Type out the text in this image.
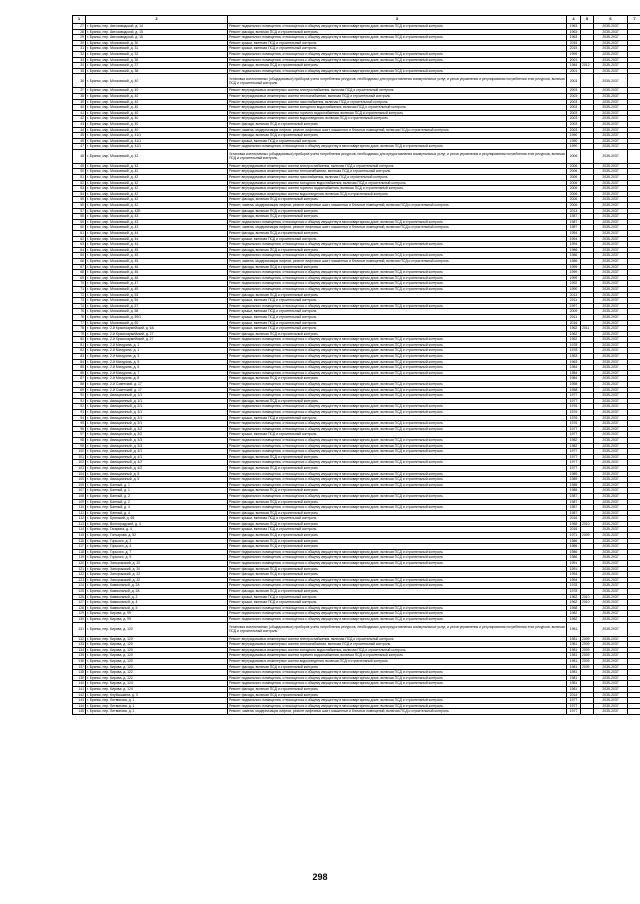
1	2	3	4	5	6	7
27	г. Брянск, пер. Автозаводской, д. 14	Ремонт подвального помещения, относящегося к общему имуществу в многоквартирном доме, включая ПСД и строительный контроль	1963		2035-2037	
28	г. Брянск, пер. Автозаводской, д. 15	Ремонт фасада, включая ПСД и строительный контроль	1963		2035-2037	
29	г. Брянск, пер. Автозаводской, д. 15	Ремонт подвального помещения, относящегося к общему имуществу в многоквартирном доме, включая ПСД и строительный контроль	1963		2035-2037	
30	г. Брянск, мкр. Московский, д. 30	Ремонт крыши, включая ПСД и строительный контроль	2015		2035-2037	
31	г. Брянск, мкр. Московский, д. 31	Ремонт крыши, включая ПСД и строительный контроль	2015		2035-2037	
32	г. Брянск, мкр. Московский, д. 32	Ремонт подвального помещения, относящегося к общему имуществу в многоквартирном доме, включая ПСД и строительный контроль	1999		2035-2037	
33	г. Брянск, мкр. Московский, д. 36	Ремонт подвального помещения, относящегося к общему имуществу в многоквартирном доме, включая ПСД и строительный контроль	2001		2035-2037	
34	г. Брянск, мкр. Московский, д. 37	Ремонт фасада, включая ПСД и строительный контроль	1984	2012	2035-2037	
35	г. Брянск, мкр. Московский, д. 38	Ремонт подвального помещения, относящегося к общему имуществу в многоквартирном доме, включая ПСД и строительный контроль	2001		2035-2037	
36	г. Брянск, мкр. Московский, д. 40	Установка коллективных (общедомовых) приборов учета потребления ресурсов, необходимых для предоставления коммунальных услуг, и узлов управления и регулирования потребления этих ресурсов, включая ПСД и строительный контроль	2003		2035-2037	
37	г. Брянск, мкр. Московский, д. 40	Ремонт внутридомовых инженерных систем электроснабжения, включая ПСД и строительный контроль	2003		2035-2037	
38	г. Брянск, мкр. Московский, д. 40	Ремонт внутридомовых инженерных систем теплоснабжения, включая ПСД и строительный контроль	2003		2035-2037	
39	г. Брянск, мкр. Московский, д. 40	Ремонт внутридомовых инженерных систем газоснабжения, включая ПСД и строительный контроль	2003		2035-2037	
40	г. Брянск, мкр. Московский, д. 40	Ремонт внутридомовых инженерных систем холодного водоснабжения, включая ПСД и строительный контроль	2003		2035-2037	
41	г. Брянск, мкр. Московский, д. 40	Ремонт внутридомовых инженерных систем горячего водоснабжения, включая ПСД и строительный контроль	2003		2035-2037	
42	г. Брянск, мкр. Московский, д. 40	Ремонт внутридомовых инженерных систем водоотведения, включая ПСД и строительный контроль	2003		2035-2037	
43	г. Брянск, мкр. Московский, д. 40	Ремонт фасада, включая ПСД и строительный контроль	2003		2035-2037	
44	г. Брянск, мкр. Московский, д. 40	Ремонт, замена, модернизация лифтов, ремонт лифтовых шахт, машинных и блочных помещений, включая ПСД и строительный контроль	2003		2035-2037	
45	г. Брянск, мкр. Московский, д. 41/1	Ремонт фасада, включая ПСД и строительный контроль	1990		2035-2037	
46	г. Брянск, мкр. Московский, д. 41/1	Ремонт крыши, включая ПСД и строительный контроль	1990		2035-2037	
47	г. Брянск, мкр. Московский, д. 41/1	Ремонт подвального помещения, относящегося к общему имуществу в многоквартирном доме, включая ПСД и строительный контроль	1990		2035-2037	
48	г. Брянск, мкр. Московский, д. 42	Установка коллективных (общедомовых) приборов учета потребления ресурсов, необходимых для предоставления коммунальных услуг, и узлов управления и регулирования потребления этих ресурсов, включая ПСД и строительный контроль	2006		2035-2037	
49	г. Брянск, мкр. Московский, д. 42	Ремонт внутридомовых инженерных систем электроснабжения, включая ПСД и строительный контроль	2006		2035-2037	
50	г. Брянск, мкр. Московский, д. 42	Ремонт внутридомовых инженерных систем теплоснабжения, включая ПСД и строительный контроль	2006		2035-2037	
51	г. Брянск, мкр. Московский, д. 42	Ремонт внутридомовых инженерных систем газоснабжения, включая ПСД и строительный контроль	2006		2035-2037	
52	г. Брянск, мкр. Московский, д. 42	Ремонт внутридомовых инженерных систем холодного водоснабжения, включая ПСД и строительный контроль	2006		2035-2037	
53	г. Брянск, мкр. Московский, д. 42	Ремонт внутридомовых инженерных систем горячего водоснабжения, включая ПСД и строительный контроль	2006		2035-2037	
54	г. Брянск, мкр. Московский, д. 42	Ремонт внутридомовых инженерных систем водоотведения, включая ПСД и строительный контроль	2006		2035-2037	
55	г. Брянск, мкр. Московский, д. 42	Ремонт фасада, включая ПСД и строительный контроль	2006		2035-2037	
56	г. Брянск, мкр. Московский, д. 42	Ремонт, замена, модернизация лифтов, ремонт лифтовых шахт, машинных и блочных помещений, включая ПСД и строительный контроль	2006		2035-2037	
57	г. Брянск, мкр. Московский, д. 42Б	Ремонт фасада, включая ПСД и строительный контроль	2013		2035-2037	
58	г. Брянск, мкр. Московский, д. 43	Ремонт фасада, включая ПСД и строительный контроль	1987		2035-2037	
59	г. Брянск, мкр. Московский, д. 43	Ремонт подвального помещения, относящегося к общему имуществу в многоквартирном доме, включая ПСД и строительный контроль	1987		2035-2037	
60	г. Брянск, мкр. Московский, д. 43	Ремонт, замена, модернизация лифтов, ремонт лифтовых шахт, машинных и блочных помещений, включая ПСД и строительный контроль	1987		2035-2037	
61	г. Брянск, мкр. Московский, д. 44	Ремонт фасада, включая ПСД и строительный контроль	1994		2035-2037	
62	г. Брянск, мкр. Московский, д. 44	Ремонт крыши, включая ПСД и строительный контроль	1994		2035-2037	
63	г. Брянск, мкр. Московский, д. 44	Ремонт подвального помещения, относящегося к общему имуществу в многоквартирном доме, включая ПСД и строительный контроль	1994		2035-2037	
64	г. Брянск, мкр. Московский, д. 45	Ремонт фасада, включая ПСД и строительный контроль	1986		2035-2037	
65	г. Брянск, мкр. Московский, д. 45	Ремонт подвального помещения, относящегося к общему имуществу в многоквартирном доме, включая ПСД и строительный контроль	1986		2035-2037	
66	г. Брянск, мкр. Московский, д. 45	Ремонт, замена, модернизация лифтов, ремонт лифтовых шахт, машинных и блочных помещений, включая ПСД и строительный контроль	1986		2035-2037	
67	г. Брянск, мкр. Московский, д. 46	Ремонт фасада, включая ПСД и строительный контроль	1999		2035-2037	
68	г. Брянск, мкр. Московский, д. 46	Ремонт подвального помещения, относящегося к общему имуществу в многоквартирном доме, включая ПСД и строительный контроль	1999		2035-2037	
69	г. Брянск, мкр. Московский, д. 46	Ремонт подвального помещения, относящегося к общему имуществу в многоквартирном доме, включая ПСД и строительный контроль	1999		2035-2037	
70	г. Брянск, мкр. Московский, д. 47	Ремонт подвального помещения, относящегося к общему имуществу в многоквартирном доме, включая ПСД и строительный контроль	1992		2035-2037	
71	г. Брянск, мкр. Московский, д. 49	Ремонт подвального помещения, относящегося к общему имуществу в многоквартирном доме, включая ПСД и строительный контроль	1990		2035-2037	
72	г. Брянск, мкр. Московский, д. 53	Ремонт фасада, включая ПСД и строительный контроль	2013		2035-2037	
73	г. Брянск, мкр. Московский, д. 54	Ремонт крыши, включая ПСД и строительный контроль	2011		2035-2037	
74	г. Брянск, мкр. Московский, д. 57	Ремонт подвального помещения, относящегося к общему имуществу в многоквартирном доме, включая ПСД и строительный контроль	1997		2035-2037	
75	г. Брянск, мкр. Московский, д. 58	Ремонт крыши, включая ПСД и строительный контроль	2009		2035-2037	
76	г. Брянск, мкр. Московский, д. 59/1	Ремонт крыши, включая ПСД и строительный контроль	2011		2035-2037	
77	г. Брянск, мкр. Московский, д. 60	Ремонт крыши, включая ПСД и строительный контроль	2016		2035-2037	
78	г. Брянск, пер. 2-й Красноармейский, д. 6А	Ремонт крыши, включая ПСД и строительный контроль	1962	2011	2035-2037	
79	г. Брянск, пер. 2-й Красноармейский, д. 27	Ремонт фасада, включая ПСД и строительный контроль	1962		2035-2037	
80	г. Брянск, пер. 2-й Красноармейский, д. 27	Ремонт подвального помещения, относящегося к общему имуществу в многоквартирном доме, включая ПСД и строительный контроль	1962		2035-2037	
81	г. Брянск, пер. 2-й Мичурина, д. 1	Ремонт подвального помещения, относящегося к общему имуществу в многоквартирном доме, включая ПСД и строительный контроль	1978		2035-2037	
82	г. Брянск, пер. 2-й Мичурина, д. 1	Ремонт подвального помещения, относящегося к общему имуществу в многоквартирном доме, включая ПСД и строительный контроль	1978		2035-2037	
83	г. Брянск, пер. 2-й Мичурина, д. 3	Ремонт подвального помещения, относящегося к общему имуществу в многоквартирном доме, включая ПСД и строительный контроль	1963		2035-2037	
84	г. Брянск, пер. 2-й Мичурина, д. 5	Ремонт подвального помещения, относящегося к общему имуществу в многоквартирном доме, включая ПСД и строительный контроль	1963		2035-2037	
85	г. Брянск, пер. 2-й Мичурина, д. 6	Ремонт подвального помещения, относящегося к общему имуществу в многоквартирном доме, включая ПСД и строительный контроль	1984		2035-2037	
86	г. Брянск, пер. 2-й Мичурина, д. 7	Ремонт подвального помещения, относящегося к общему имуществу в многоквартирном доме, включая ПСД и строительный контроль	1984		2035-2037	
87	г. Брянск, пер. 2-й Мичурина, д. 8	Ремонт фасада, включая ПСД и строительный контроль	1984		2035-2037	
88	г. Брянск, пер. 2-й Советский, д. 17	Ремонт подвального помещения, относящегося к общему имуществу в многоквартирном доме, включая ПСД и строительный контроль	1958		2035-2037	
89	г. Брянск, пер. 2-й Советский, д. 17	Ремонт подвального помещения, относящегося к общему имуществу в многоквартирном доме, включая ПСД и строительный контроль	1958		2035-2037	
90	г. Брянск, пер. Авиационный, д. 1/1	Ремонт подвального помещения, относящегося к общему имуществу в многоквартирном доме, включая ПСД и строительный контроль	1977		2035-2037	
91	г. Брянск, пер. Авиационный, д. 1/1	Ремонт фасада, включая ПСД и строительный контроль	1977		2035-2037	
92	г. Брянск, пер. Авиационный, д. 2/1	Ремонт подвального помещения, относящегося к общему имуществу в многоквартирном доме, включая ПСД и строительный контроль	1976		2035-2037	
93	г. Брянск, пер. Авиационный, д. 3/1	Ремонт подвального помещения, относящегося к общему имуществу в многоквартирном доме, включая ПСД и строительный контроль	1976		2035-2037	
94	г. Брянск, пер. Авиационный, д. 3/1	Ремонт крыши, включая ПСД и строительный контроль	1976		2035-2037	
95	г. Брянск, пер. Авиационный, д. 3/1	Ремонт подвального помещения, относящегося к общему имуществу в многоквартирном доме, включая ПСД и строительный контроль	1976		2035-2037	
96	г. Брянск, пер. Авиационный, д. 3/2	Ремонт подвального помещения, относящегося к общему имуществу в многоквартирном доме, включая ПСД и строительный контроль	1977		2035-2037	
97	г. Брянск, пер. Авиационный, д. 3/2	Ремонт крыши, включая ПСД и строительный контроль	1977		2035-2037	
98	г. Брянск, пер. Авиационный, д. 3/3	Ремонт подвального помещения, относящегося к общему имуществу в многоквартирном доме, включая ПСД и строительный контроль	1982		2035-2037	
99	г. Брянск, пер. Авиационный, д. 3/3	Ремонт подвального помещения, относящегося к общему имуществу в многоквартирном доме, включая ПСД и строительный контроль	1982		2035-2037	
100	г. Брянск, пер. Авиационный, д. 4/1	Ремонт подвального помещения, относящегося к общему имуществу в многоквартирном доме, включая ПСД и строительный контроль	1977		2035-2037	
101	г. Брянск, пер. Авиационный, д. 4/1	Ремонт фасада, включая ПСД и строительный контроль	1977		2035-2037	
102	г. Брянск, пер. Авиационный, д. 4/2	Ремонт подвального помещения, относящегося к общему имуществу в многоквартирном доме, включая ПСД и строительный контроль	1977		2035-2037	
103	г. Брянск, пер. Авиационный, д. 4/2	Ремонт фасада, включая ПСД и строительный контроль	1977		2035-2037	
104	г. Брянск, пер. Авиационный, д. 5	Ремонт подвального помещения, относящегося к общему имуществу в многоквартирном доме, включая ПСД и строительный контроль	1989		2035-2037	
105	г. Брянск, пер. Авиационный, д. 5	Ремонт подвального помещения, относящегося к общему имуществу в многоквартирном доме, включая ПСД и строительный контроль	1989		2035-2037	
106	г. Брянск, пер. Банный, д. 1	Ремонт подвального помещения, относящегося к общему имуществу в многоквартирном доме, включая ПСД и строительный контроль	1985		2035-2037	
107	г. Брянск, пер. Банный, д. 1	Ремонт фасада, включая ПСД и строительный контроль	1985		2035-2037	
108	г. Брянск, пер. Банный, д. 2	Ремонт подвального помещения, относящегося к общему имуществу в многоквартирном доме, включая ПСД и строительный контроль	1987		2035-2037	
109	г. Брянск, пер. Банный, д. 2	Ремонт фасада, включая ПСД и строительный контроль	1987		2035-2037	
110	г. Брянск, пер. Банный, д. 4	Ремонт подвального помещения, относящегося к общему имуществу в многоквартирном доме, включая ПСД и строительный контроль	1987		2035-2037	
111	г. Брянск, пер. Банный, д. 4	Ремонт фасада, включая ПСД и строительный контроль	1987		2035-2037	
112	г. Брянск, пер. Брянский, д. 65	Ремонт крыши, включая ПСД и строительный контроль	2016		2035-2037	
113	г. Брянск, пер. Волгоградский, д. 4	Ремонт фасада, включая ПСД и строительный контроль	1958	2010	2035-2037	
114	г. Брянск, пер. Гагарина, д. 4	Ремонт крыши, включая ПСД и строительный контроль	2016		2035-2037	
115	г. Брянск, пер. Гончарова, д. 52	Ремонт фасада, включая ПСД и строительный контроль	1971	2009	2035-2037	
116	г. Брянск, пер. Горького, д. 3	Ремонт фасада, включая ПСД и строительный контроль	1986		2035-2037	
117	г. Брянск, пер. Горького, д. 4	Ремонт фасада, включая ПСД и строительный контроль	1986		2035-2037	
118	г. Брянск, пер. Горького, д. 7	Ремонт подвального помещения, относящегося к общему имуществу в многоквартирном доме, включая ПСД и строительный контроль	1986		2035-2037	
119	г. Брянск, пер. Горького, д. 9	Ремонт подвального помещения, относящегося к общему имуществу в многоквартирном доме, включая ПСД и строительный контроль	1986		2035-2037	
120	г. Брянск, пер. Запорожский, д. 20	Ремонт подвального помещения, относящегося к общему имуществу в многоквартирном доме, включая ПСД и строительный контроль	1991		2035-2037	
121	г. Брянск, пер. Запорожский, д. 20	Ремонт фасада, включая ПСД и строительный контроль	1991		2035-2037	
122	г. Брянск, пер. Запорожский, д. 22	Ремонт фасада, включая ПСД и строительный контроль	1994		2035-2037	
123	г. Брянск, пер. Запорожский, д. 22	Ремонт подвального помещения, относящегося к общему имуществу в многоквартирном доме, включая ПСД и строительный контроль	1994		2035-2037	
124	г. Брянск, пер. Камвольный, д. 2А	Ремонт подвального помещения, относящегося к общему имуществу в многоквартирном доме, включая ПСД и строительный контроль	1978		2035-2037	
125	г. Брянск, пер. Камвольный, д. 2А	Ремонт фасада, включая ПСД и строительный контроль	1978		2035-2037	
126	г. Брянск, пер. Камвольный, д. 3	Ремонт крыши, включая ПСД и строительный контроль	1962	2010	2035-2037	
127	г. Брянск, пер. Камвольный, д. 4	Ремонт крыши, включая ПСД и строительный контроль	1962	2010	2035-2037	
128	г. Брянск, пер. Камвольный, д. 5	Ремонт подвального помещения, относящегося к общему имуществу в многоквартирном доме, включая ПСД и строительный контроль	1958		2035-2037	
129	г. Брянск, пер. Кирова, д. 99	Ремонт подвального помещения, относящегося к общему имуществу в многоквартирном доме, включая ПСД и строительный контроль	1982		2035-2037	
130	г. Брянск, пер. Кирова, д. 99	Ремонт подвального помещения, относящегося к общему имуществу в многоквартирном доме, включая ПСД и строительный контроль	1982		2035-2037	
131	г. Брянск, пер. Кирова, д. 120	Установка коллективных (общедомовых) приборов учета потребления ресурсов, необходимых для предоставления коммунальных услуг, и узлов управления и регулирования потребления этих ресурсов, включая ПСД и строительный контроль	1981		2035-2037	
132	г. Брянск, пер. Кирова, д. 120	Ремонт внутридомовых инженерных систем электроснабжения, включая ПСД и строительный контроль	1981	2009	2035-2037	
133	г. Брянск, пер. Кирова, д. 120	Ремонт внутридомовых инженерных систем теплоснабжения, включая ПСД и строительный контроль	1981	2009	2035-2037	
134	г. Брянск, пер. Кирова, д. 120	Ремонт внутридомовых инженерных систем холодного водоснабжения, включая ПСД и строительный контроль	1981	2009	2035-2037	
135	г. Брянск, пер. Кирова, д. 120	Ремонт внутридомовых инженерных систем горячего водоснабжения, включая ПСД и строительный контроль	1981	2009	2035-2037	
136	г. Брянск, пер. Кирова, д. 120	Ремонт внутридомовых инженерных систем водоотведения, включая ПСД и строительный контроль	1981	2009	2035-2037	
137	г. Брянск, пер. Кирова, д. 120	Ремонт фасада, включая ПСД и строительный контроль	1981	2009	2035-2037	
138	г. Брянск, пер. Кирова, д. 122	Ремонт подвального помещения, относящегося к общему имуществу в многоквартирном доме, включая ПСД и строительный контроль	1981		2035-2037	
139	г. Брянск, пер. Кирова, д. 122	Ремонт подвального помещения, относящегося к общему имуществу в многоквартирном доме, включая ПСД и строительный контроль	1981		2035-2037	
140	г. Брянск, пер. Кирова, д. 124	Ремонт подвального помещения, относящегося к общему имуществу в многоквартирном доме, включая ПСД и строительный контроль	1981		2035-2037	
141	г. Брянск, пер. Кирова, д. 124	Ремонт фасада, включая ПСД и строительный контроль	1981		2035-2037	
142	г. Брянск, пер. Клубышкина, д. 3	Ремонт фасада, включая ПСД и строительный контроль	2014		2035-2037	
143	г. Брянск, пер. Литвинова, д. 1	Ремонт подвального помещения, относящегося к общему имуществу в многоквартирном доме, включая ПСД и строительный контроль	1977		2035-2037	
144	г. Брянск, пер. Литвинова, д. 1	Ремонт подвального помещения, относящегося к общему имуществу в многоквартирном доме, включая ПСД и строительный контроль	1977		2035-2037	
145	г. Брянск, пер. Литвинова, д. 1	Ремонт, замена, модернизация лифтов, ремонт лифтовых шахт, машинных и блочных помещений, включая ПСД и строительный контроль	1977		2035-2037	
298
